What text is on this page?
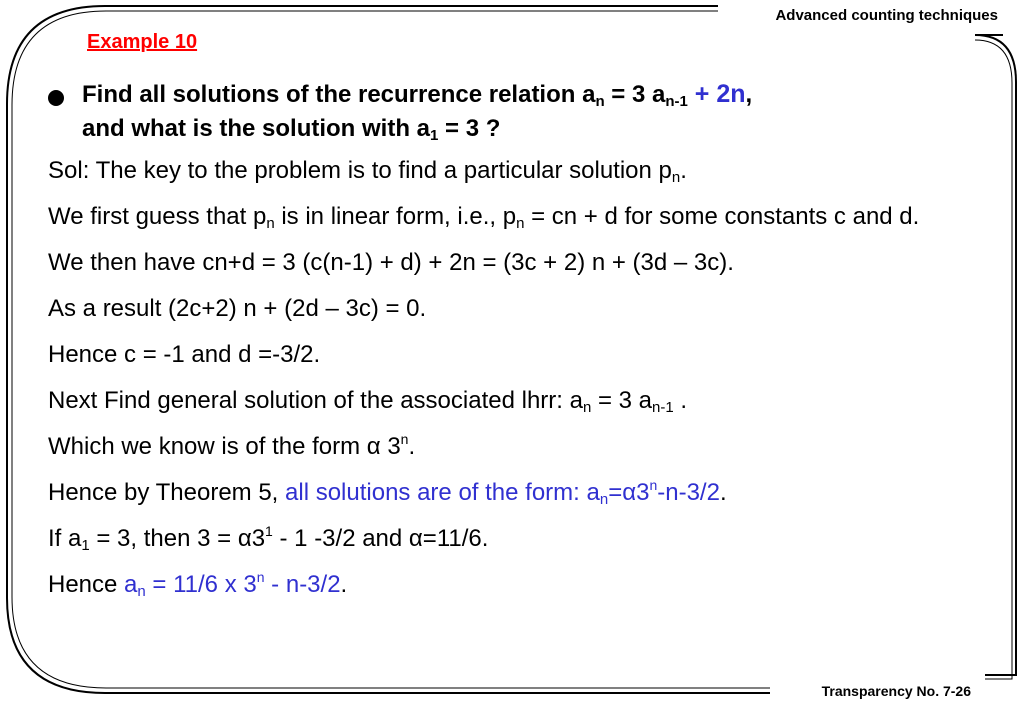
Advanced counting techniques
Example 10
Find all solutions of the recurrence relation $a_n = 3$ $a_{n-1} + 2n$,
and what is the solution with $a_1 = 3$ ?

Sol: The key to the problem is to find a particular solution $p_n$.

We first guess that $p_n$ is in linear form, i.e., $p_n$ = cn + d for some constants c and d.

We then have cn+d = 3 (c(n-1) + d) + 2n = (3c + 2) n + (3d – 3c).

As a result (2c+2) n + (2d – 3c) = 0.

Hence c = -1 and d =-3/2.

Next Find general solution of the associated lhrr: $a_n = 3$ $a_{n-1}$ .

Which we know is of the form α 3$^n$.

Hence by Theorem 5, all solutions are of the form: $a_n=\alpha 3^n-n-3/2$.

If $a_1 = 3$, then $3 = \alpha 3^1 - 1$ -3/2 and α=11/6.

Hence $a_n = 11/6$ x 3$^n$ - n-3/2.

Transparency No. 7-26
